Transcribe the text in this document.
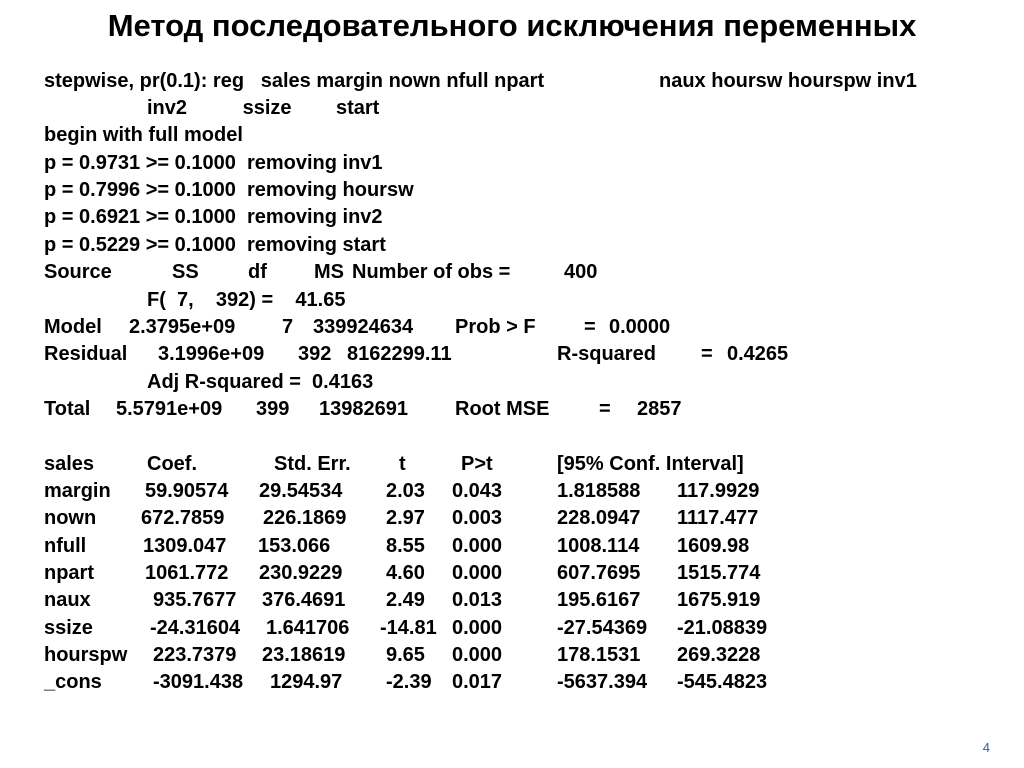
Метод последовательного исключения переменных
stepwise, pr(0.1): reg   sales margin nown nfull npart	naux hoursw hourspw inv1
inv2          ssize        start
begin with full model
p = 0.9731 >= 0.1000  removing inv1
p = 0.7996 >= 0.1000  removing hoursw
p = 0.6921 >= 0.1000  removing inv2
p = 0.5229 >= 0.1000  removing start
Source	SS df MS Number of obs =	400
F(  7,    392) =    41.65
Model 2.3795e+09 7 339924634 Prob > F = 0.0000
Residual 3.1996e+09 392 8162299.11	R-squared = 0.4265
Adj R-squared =  0.4163
Total 5.5791e+09 399 13982691 Root MSE = 2857
sales	Coef.	Std. Err. t	P>t	[95% Conf. Interval]
margin 59.90574 29.54534 2.03 0.043	1.818588 117.9929
nown 672.7859 226.1869 2.97 0.003	228.0947 1117.477
nfull	1309.047 153.066	8.55 0.000	1008.114 1609.98
npart	1061.772 230.9229 4.60 0.000	607.7695 1515.774
naux	935.7677 376.4691 2.49 0.013	195.6167 1675.919
ssize	-24.31604 1.641706 -14.81 0.000	-27.54369 -21.08839
hourspw 223.7379 23.18619 9.65 0.000	178.1531 269.3228
_cons	-3091.438 1294.97 -2.39 0.017	-5637.394 -545.4823
4
